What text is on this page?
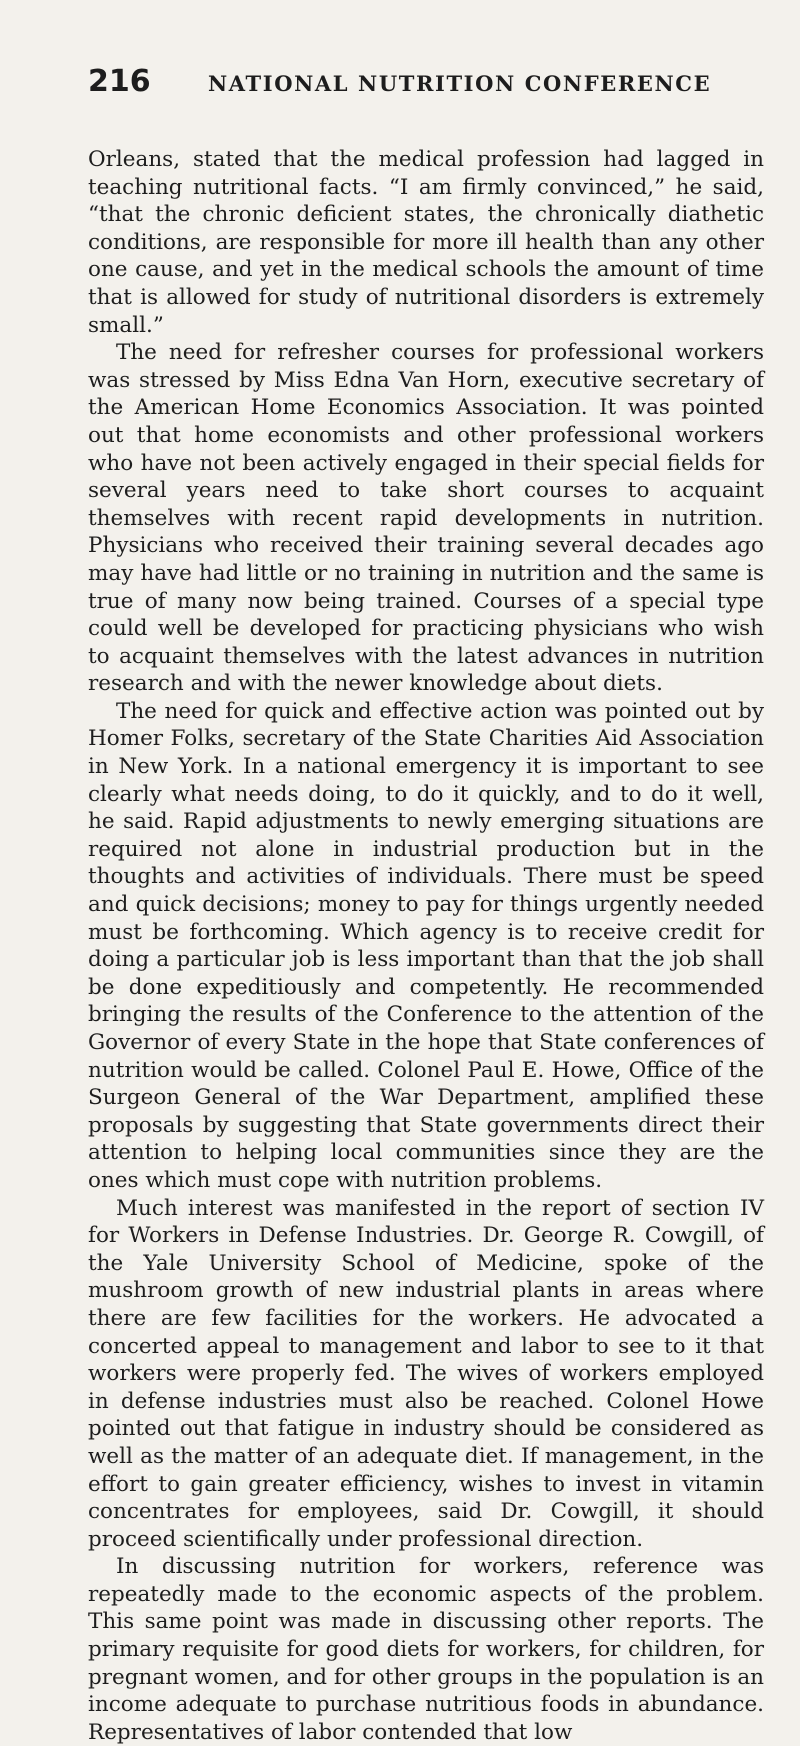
216	NATIONAL NUTRITION CONFERENCE

Orleans, stated that the medical profession had lagged in teaching nutritional facts. “I am firmly convinced,” he said, “that the chronic deficient states, the chronically diathetic conditions, are responsible for more ill health than any other one cause, and yet in the medical schools the amount of time that is allowed for study of nutritional disorders is extremely small.”

The need for refresher courses for professional workers was stressed by Miss Edna Van Horn, executive secretary of the American Home Economics Association. It was pointed out that home economists and other professional workers who have not been actively engaged in their special fields for several years need to take short courses to acquaint themselves with recent rapid developments in nutrition. Physicians who received their training several decades ago may have had little or no training in nutrition and the same is true of many now being trained. Courses of a special type could well be developed for practicing physicians who wish to acquaint themselves with the latest advances in nutrition research and with the newer knowledge about diets.

The need for quick and effective action was pointed out by Homer Folks, secretary of the State Charities Aid Association in New York. In a national emergency it is important to see clearly what needs doing, to do it quickly, and to do it well, he said. Rapid adjustments to newly emerging situations are required not alone in industrial production but in the thoughts and activities of individuals. There must be speed and quick decisions; money to pay for things urgently needed must be forthcoming. Which agency is to receive credit for doing a particular job is less important than that the job shall be done expeditiously and competently. He recommended bringing the results of the Conference to the attention of the Governor of every State in the hope that State conferences of nutrition would be called. Colonel Paul E. Howe, Office of the Surgeon General of the War Department, amplified these proposals by suggesting that State governments direct their attention to helping local communities since they are the ones which must cope with nutrition problems.

Much interest was manifested in the report of section IV for Workers in Defense Industries. Dr. George R. Cowgill, of the Yale University School of Medicine, spoke of the mushroom growth of new industrial plants in areas where there are few facilities for the workers. He advocated a concerted appeal to management and labor to see to it that workers were properly fed. The wives of workers employed in defense industries must also be reached. Colonel Howe pointed out that fatigue in industry should be considered as well as the matter of an adequate diet. If management, in the effort to gain greater efficiency, wishes to invest in vitamin concentrates for employees, said Dr. Cowgill, it should proceed scientifically under professional direction.

In discussing nutrition for workers, reference was repeatedly made to the economic aspects of the problem. This same point was made in discussing other reports. The primary requisite for good diets for workers, for children, for pregnant women, and for other groups in the population is an income adequate to purchase nutritious foods in abundance. Representatives of labor contended that low
